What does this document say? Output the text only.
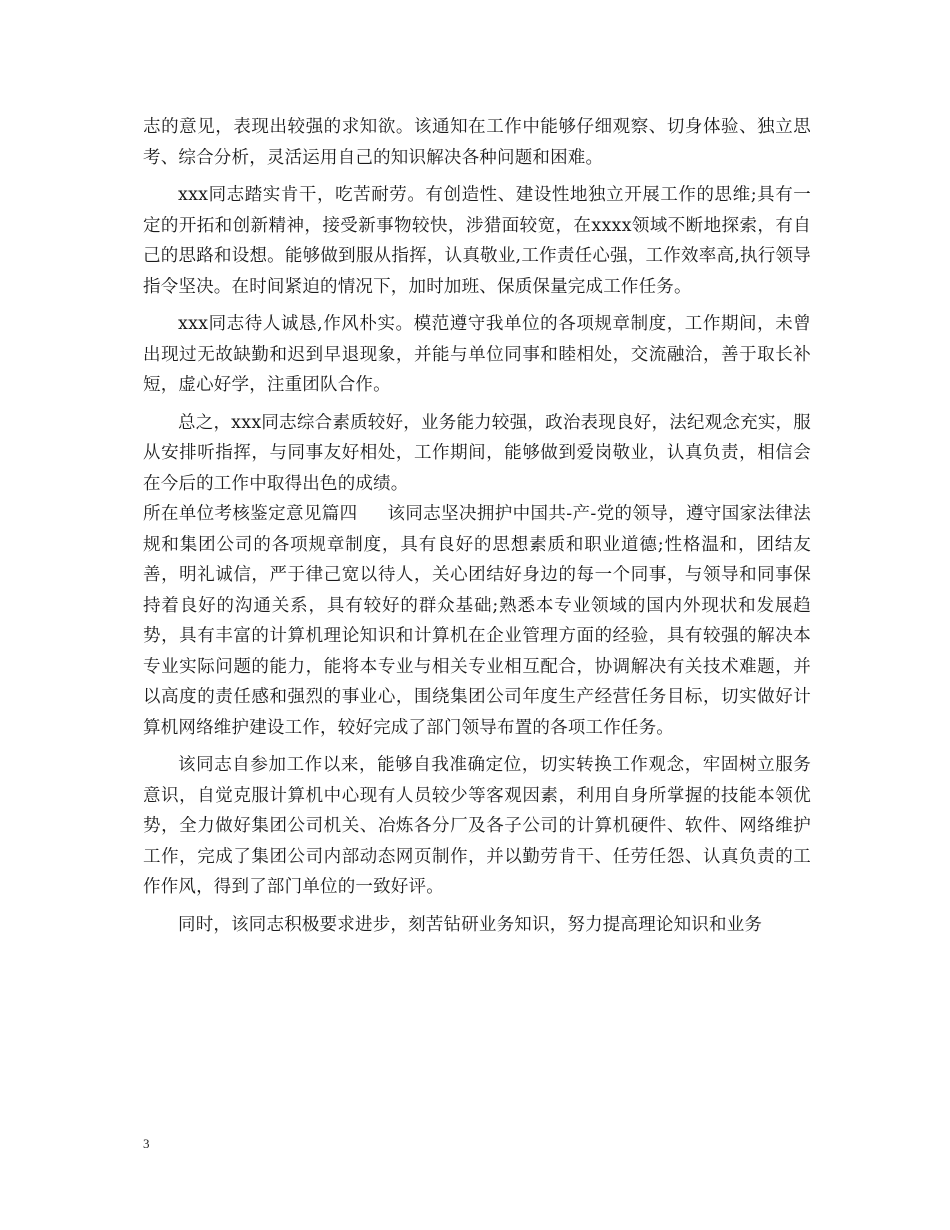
志的意见，表现出较强的求知欲。该通知在工作中能够仔细观察、切身体验、独立思考、综合分析，灵活运用自己的知识解决各种问题和困难。

xxx同志踏实肯干，吃苦耐劳。有创造性、建设性地独立开展工作的思维;具有一定的开拓和创新精神，接受新事物较快，涉猎面较宽，在xxxx领域不断地探索，有自己的思路和设想。能够做到服从指挥，认真敬业,工作责任心强，工作效率高,执行领导指令坚决。在时间紧迫的情况下，加时加班、保质保量完成工作任务。

xxx同志待人诚恳,作风朴实。模范遵守我单位的各项规章制度，工作期间，未曾出现过无故缺勤和迟到早退现象，并能与单位同事和睦相处，交流融洽，善于取长补短，虚心好学，注重团队合作。

总之，xxx同志综合素质较好，业务能力较强，政治表现良好，法纪观念充实，服从安排听指挥，与同事友好相处，工作期间，能够做到爱岗敬业，认真负责，相信会在今后的工作中取得出色的成绩。

所在单位考核鉴定意见篇四 该同志坚决拥护中国共-产-党的领导，遵守国家法律法规和集团公司的各项规章制度，具有良好的思想素质和职业道德;性格温和，团结友善，明礼诚信，严于律己宽以待人，关心团结好身边的每一个同事，与领导和同事保持着良好的沟通关系，具有较好的群众基础;熟悉本专业领域的国内外现状和发展趋势，具有丰富的计算机理论知识和计算机在企业管理方面的经验，具有较强的解决本专业实际问题的能力，能将本专业与相关专业相互配合，协调解决有关技术难题，并以高度的责任感和强烈的事业心，围绕集团公司年度生产经营任务目标，切实做好计算机网络维护建设工作，较好完成了部门领导布置的各项工作任务。

该同志自参加工作以来，能够自我准确定位，切实转换工作观念，牢固树立服务意识，自觉克服计算机中心现有人员较少等客观因素，利用自身所掌握的技能本领优势，全力做好集团公司机关、冶炼各分厂及各子公司的计算机硬件、软件、网络维护工作，完成了集团公司内部动态网页制作，并以勤劳肯干、任劳任怨、认真负责的工作作风，得到了部门单位的一致好评。

同时，该同志积极要求进步，刻苦钻研业务知识，努力提高理论知识和业务

3
